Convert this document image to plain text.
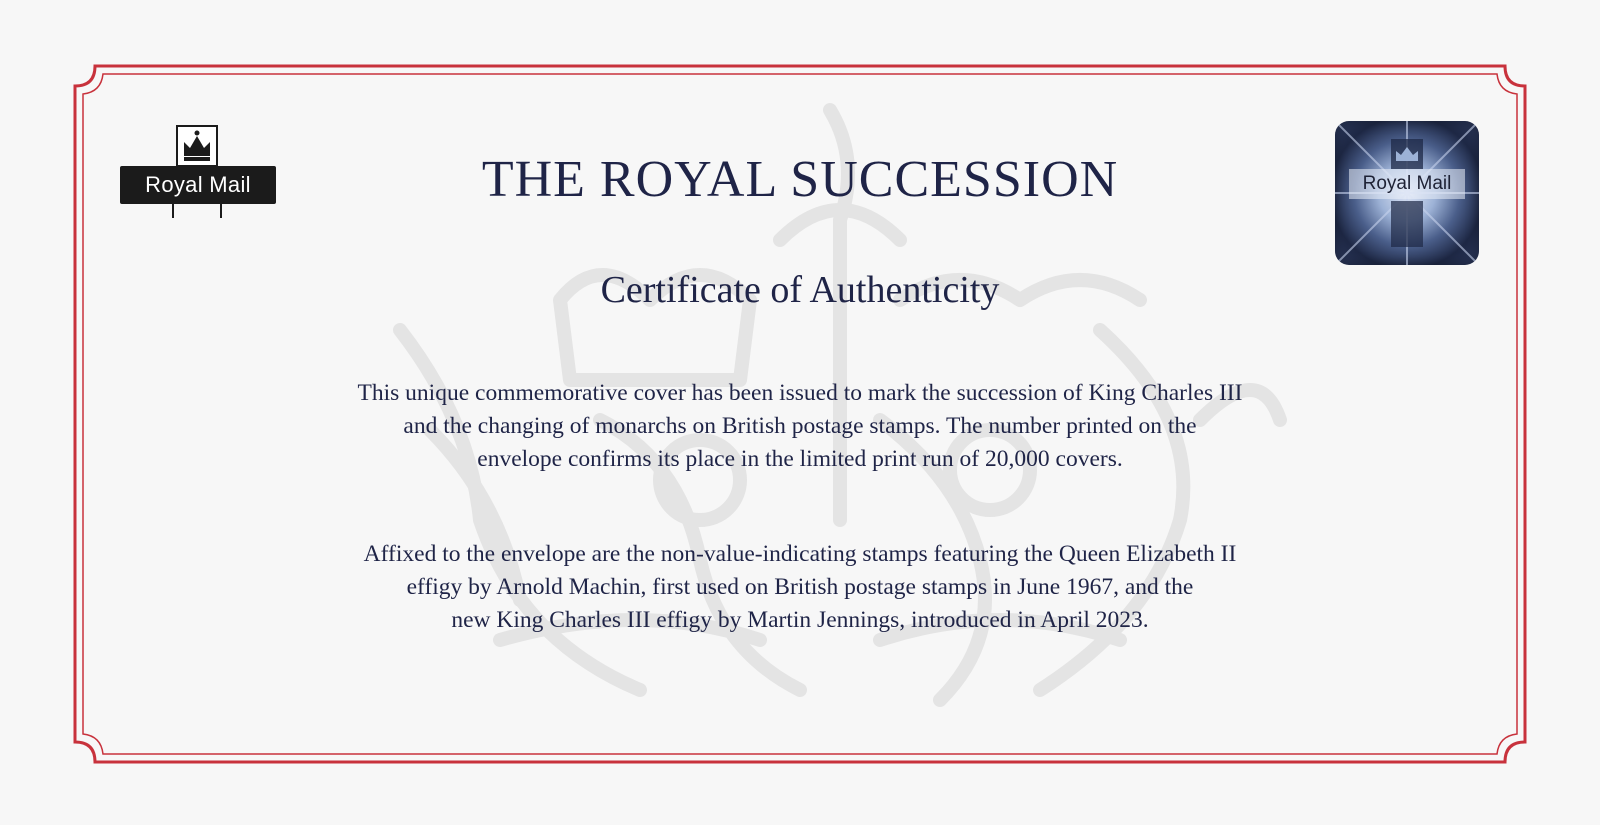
Royal Mail	Royal Mail
THE ROYAL SUCCESSION
Certificate of Authenticity

This unique commemorative cover has been issued to mark the succession of King Charles III
and the changing of monarchs on British postage stamps. The number printed on the
envelope confirms its place in the limited print run of 20,000 covers.

Affixed to the envelope are the non-value-indicating stamps featuring the Queen Elizabeth II
effigy by Arnold Machin, first used on British postage stamps in June 1967, and the
new King Charles III effigy by Martin Jennings, introduced in April 2023.
